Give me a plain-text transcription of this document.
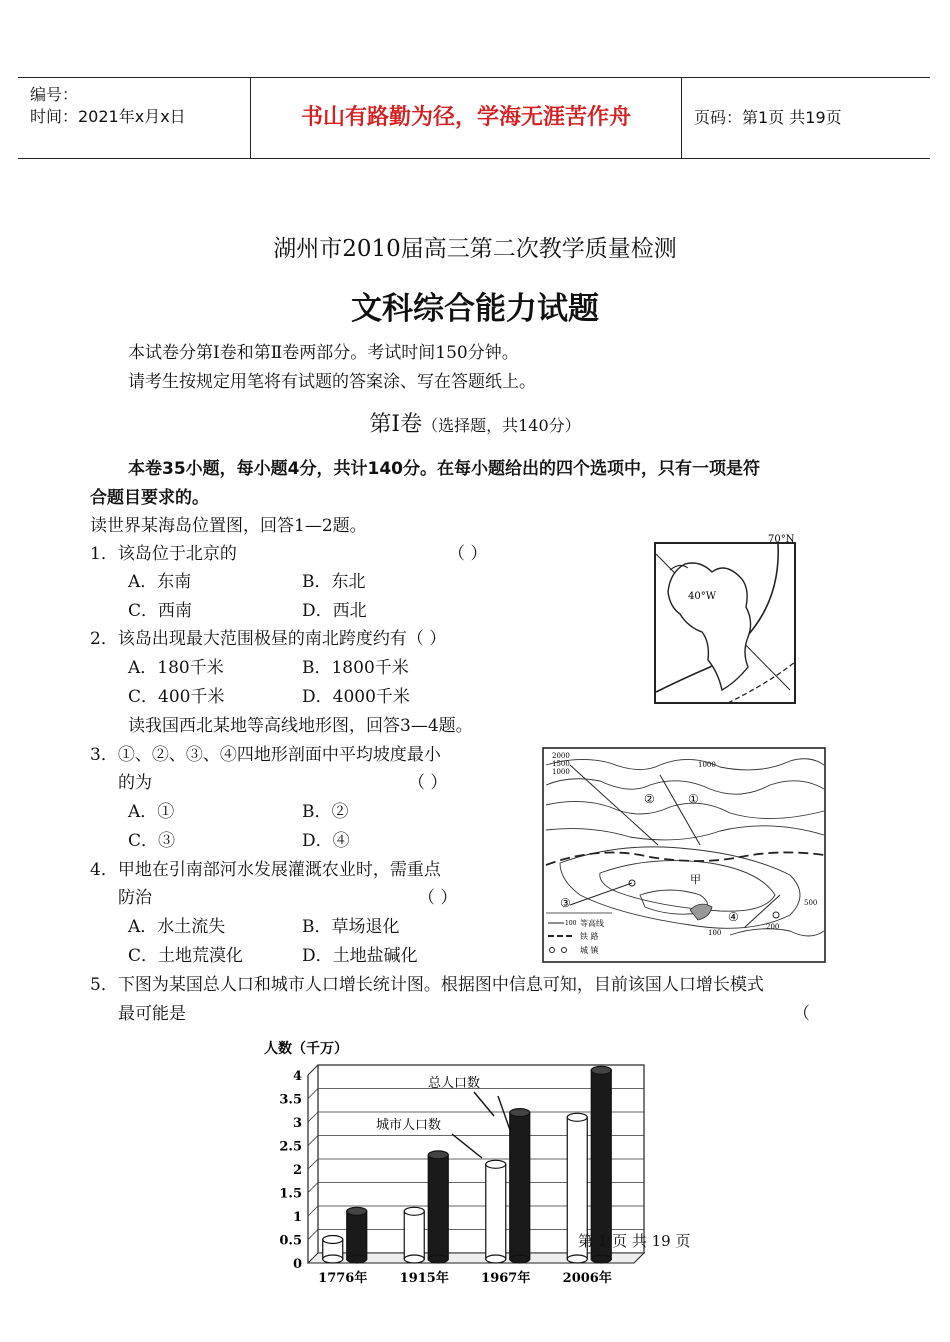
编号：
时间：2021年x月x日	书山有路勤为径，学海无涯苦作舟	页码：第1页 共19页
湖州市2010届高三第二次教学质量检测
文科综合能力试题
本试卷分第Ⅰ卷和第Ⅱ卷两部分。考试时间150分钟。
请考生按规定用笔将有试题的答案涂、写在答题纸上。
第Ⅰ卷（选择题，共140分）
本卷35小题，每小题4分，共计140分。在每小题给出的四个选项中，只有一项是符
合题目要求的。
读世界某海岛位置图，回答1—2题。
1．该岛位于北京的	（ ）
A．东南	B．东北
C．西南	D．西北
2．该岛出现最大范围极昼的南北跨度约有（ ）
A．180千米	B．1800千米
C．400千米	D．4000千米
读我国西北某地等高线地形图，回答3—4题。
3．①、②、③、④四地形剖面中平均坡度最小
的为	（ ）
A．①	B．②
C．③	D．④
4．甲地在引南部河水发展灌溉农业时，需重点
防治	（ ）
A．水土流失	B．草场退化
C．土地荒漠化	D．土地盐碱化
5．下图为某国总人口和城市人口增长统计图。根据图中信息可知，目前该国人口增长模式
最可能是	（
70°N
40°W
2000
1500
1000
1000
500
100
200
①
②
③
④
甲
100 等高线
铁 路
城 镇
人数（千万）
0
0.5
1
1.5
2
2.5
3
3.5
4
1776年 1915年 1967年 2006年
总人口数
城市人口数
第 1 页 共 19 页
